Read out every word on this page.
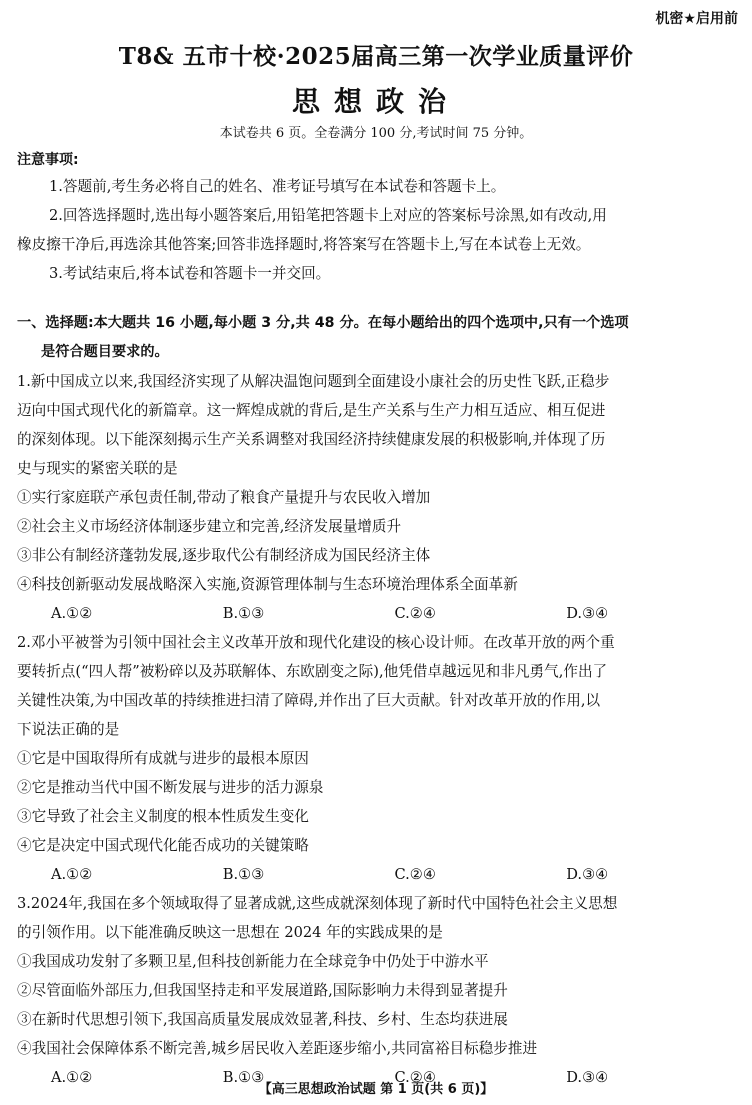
机密★启用前
T8& 五市十校·2025届高三第一次学业质量评价
思想政治
本试卷共 6 页。全卷满分 100 分,考试时间 75 分钟。
注意事项:
1.答题前,考生务必将自己的姓名、准考证号填写在本试卷和答题卡上。
2.回答选择题时,选出每小题答案后,用铅笔把答题卡上对应的答案标号涂黑,如有改动,用
橡皮擦干净后,再选涂其他答案;回答非选择题时,将答案写在答题卡上,写在本试卷上无效。
3.考试结束后,将本试卷和答题卡一并交回。
一、选择题:本大题共 16 小题,每小题 3 分,共 48 分。在每小题给出的四个选项中,只有一个选项
是符合题目要求的。
1.新中国成立以来,我国经济实现了从解决温饱问题到全面建设小康社会的历史性飞跃,正稳步
迈向中国式现代化的新篇章。这一辉煌成就的背后,是生产关系与生产力相互适应、相互促进
的深刻体现。以下能深刻揭示生产关系调整对我国经济持续健康发展的积极影响,并体现了历
史与现实的紧密关联的是
①实行家庭联产承包责任制,带动了粮食产量提升与农民收入增加
②社会主义市场经济体制逐步建立和完善,经济发展量增质升
③非公有制经济蓬勃发展,逐步取代公有制经济成为国民经济主体
④科技创新驱动发展战略深入实施,资源管理体制与生态环境治理体系全面革新
A.①②	B.①③	C.②④	D.③④
2.邓小平被誉为引领中国社会主义改革开放和现代化建设的核心设计师。在改革开放的两个重
要转折点(“四人帮”被粉碎以及苏联解体、东欧剧变之际),他凭借卓越远见和非凡勇气,作出了
关键性决策,为中国改革的持续推进扫清了障碍,并作出了巨大贡献。针对改革开放的作用,以
下说法正确的是
①它是中国取得所有成就与进步的最根本原因
②它是推动当代中国不断发展与进步的活力源泉
③它导致了社会主义制度的根本性质发生变化
④它是决定中国式现代化能否成功的关键策略
A.①②	B.①③	C.②④	D.③④
3.2024年,我国在多个领域取得了显著成就,这些成就深刻体现了新时代中国特色社会主义思想
的引领作用。以下能准确反映这一思想在 2024 年的实践成果的是
①我国成功发射了多颗卫星,但科技创新能力在全球竞争中仍处于中游水平
②尽管面临外部压力,但我国坚持走和平发展道路,国际影响力未得到显著提升
③在新时代思想引领下,我国高质量发展成效显著,科技、乡村、生态均获进展
④我国社会保障体系不断完善,城乡居民收入差距逐步缩小,共同富裕目标稳步推进
A.①②	B.①③	C.②④	D.③④
【高三思想政治试题 第 1 页(共 6 页)】
